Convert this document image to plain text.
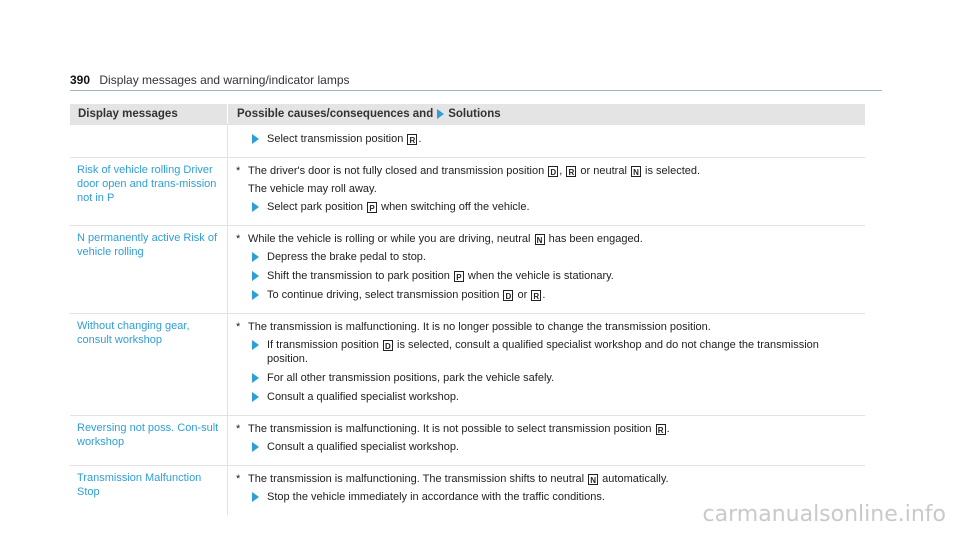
390 Display messages and warning/indicator lamps
Display messages	Possible causes/consequences and Solutions
Select transmission position R .
Risk of vehicle rolling Driver door open and trans-mission not in P
* The driver's door is not fully closed and transmission position D , R or neutral N is selected.
The vehicle may roll away.
Select park position P when switching off the vehicle.
N permanently active Risk of vehicle rolling
* While the vehicle is rolling or while you are driving, neutral N has been engaged.
Depress the brake pedal to stop.
Shift the transmission to park position P when the vehicle is stationary.
To continue driving, select transmission position D or R .
Without changing gear, consult workshop
* The transmission is malfunctioning. It is no longer possible to change the transmission position.
If transmission position D is selected, consult a qualified specialist workshop and do not change the transmission position.
For all other transmission positions, park the vehicle safely.
Consult a qualified specialist workshop.
Reversing not poss. Con-sult workshop
* The transmission is malfunctioning. It is not possible to select transmission position R .
Consult a qualified specialist workshop.
Transmission Malfunction Stop
* The transmission is malfunctioning. The transmission shifts to neutral N automatically.
Stop the vehicle immediately in accordance with the traffic conditions.
carmanualsonline.info
